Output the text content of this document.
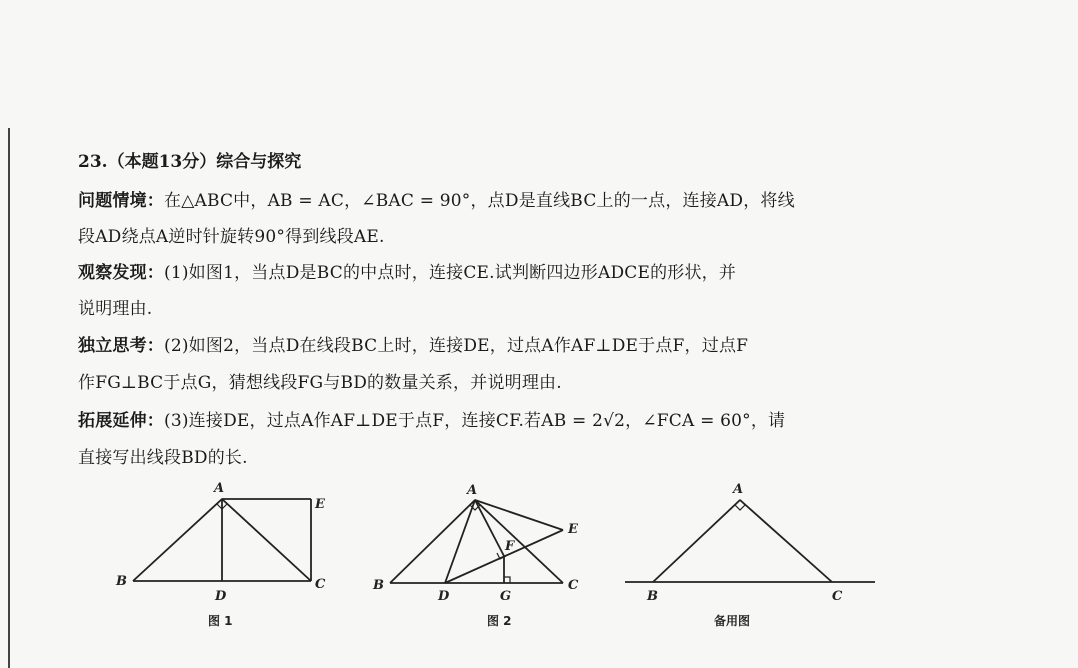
23.（本题13分）综合与探究
问题情境：在△ABC中，AB = AC，∠BAC = 90°，点D是直线BC上的一点，连接AD，将线
段AD绕点A逆时针旋转90°得到线段AE.
观察发现：(1)如图1，当点D是BC的中点时，连接CE.试判断四边形ADCE的形状，并
说明理由.
独立思考：(2)如图2，当点D在线段BC上时，连接DE，过点A作AF⊥DE于点F，过点F
作FG⊥BC于点G，猜想线段FG与BD的数量关系，并说明理由.
拓展延伸：(3)连接DE，过点A作AF⊥DE于点F，连接CF.若AB = 2√2，∠FCA = 60°，请
直接写出线段BD的长.
A
B	C
D
E
图 1
A
B	C
D
E
F
G
图 2
A
B	C
备用图
